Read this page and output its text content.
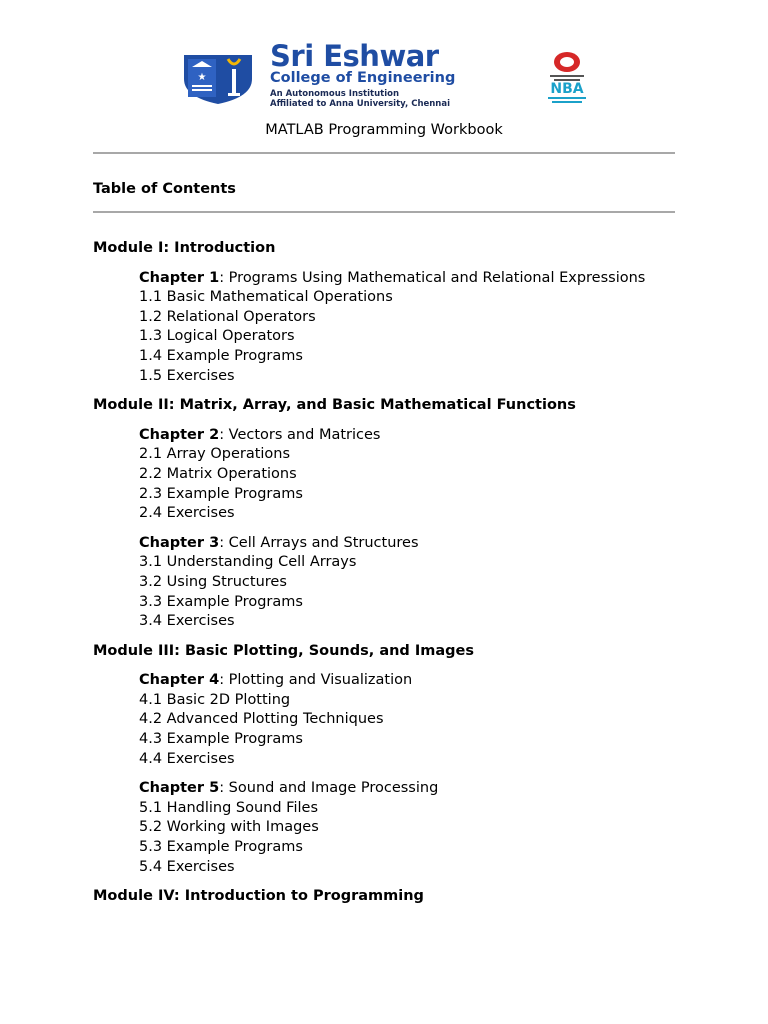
★
Sri Eshwar
College of Engineering
An Autonomous Institution
Affiliated to Anna University, Chennai
NBA
MATLAB Programming Workbook
Table of Contents
Module I: Introduction
Chapter 1: Programs Using Mathematical and Relational Expressions
1.1 Basic Mathematical Operations
1.2 Relational Operators
1.3 Logical Operators
1.4 Example Programs
1.5 Exercises
Module II: Matrix, Array, and Basic Mathematical Functions
Chapter 2: Vectors and Matrices
2.1 Array Operations
2.2 Matrix Operations
2.3 Example Programs
2.4 Exercises
Chapter 3: Cell Arrays and Structures
3.1 Understanding Cell Arrays
3.2 Using Structures
3.3 Example Programs
3.4 Exercises
Module III: Basic Plotting, Sounds, and Images
Chapter 4: Plotting and Visualization
4.1 Basic 2D Plotting
4.2 Advanced Plotting Techniques
4.3 Example Programs
4.4 Exercises
Chapter 5: Sound and Image Processing
5.1 Handling Sound Files
5.2 Working with Images
5.3 Example Programs
5.4 Exercises
Module IV: Introduction to Programming
